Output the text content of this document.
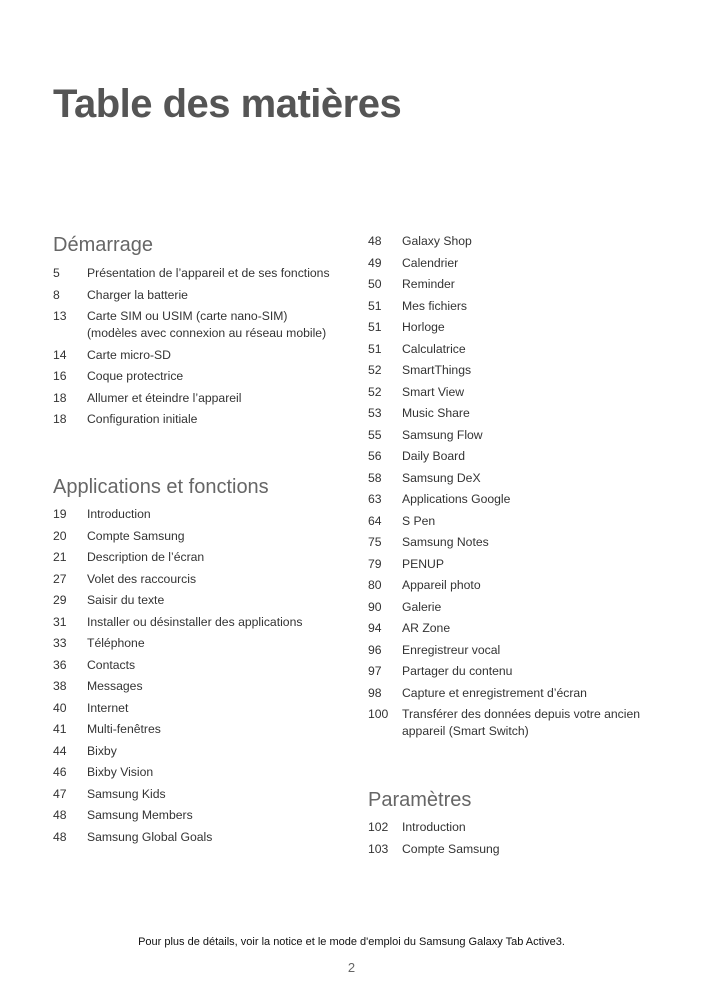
Table des matières
Démarrage
5	Présentation de l’appareil et de ses fonctions
8	Charger la batterie
13	Carte SIM ou USIM (carte nano-SIM)
(modèles avec connexion au réseau mobile)
14	Carte micro-SD
16	Coque protectrice
18	Allumer et éteindre l’appareil
18	Configuration initiale
Applications et fonctions
19	Introduction
20	Compte Samsung
21	Description de l’écran
27	Volet des raccourcis
29	Saisir du texte
31	Installer ou désinstaller des applications
33	Téléphone
36	Contacts
38	Messages
40	Internet
41	Multi-fenêtres
44	Bixby
46	Bixby Vision
47	Samsung Kids
48	Samsung Members
48	Samsung Global Goals
48	Galaxy Shop
49	Calendrier
50	Reminder
51	Mes fichiers
51	Horloge
51	Calculatrice
52	SmartThings
52	Smart View
53	Music Share
55	Samsung Flow
56	Daily Board
58	Samsung DeX
63	Applications Google
64	S Pen
75	Samsung Notes
79	PENUP
80	Appareil photo
90	Galerie
94	AR Zone
96	Enregistreur vocal
97	Partager du contenu
98	Capture et enregistrement d’écran
100	Transférer des données depuis votre ancien
appareil (Smart Switch)
Paramètres
102	Introduction
103	Compte Samsung
Pour plus de détails, voir la notice et le mode d'emploi du Samsung Galaxy Tab Active3.
2
